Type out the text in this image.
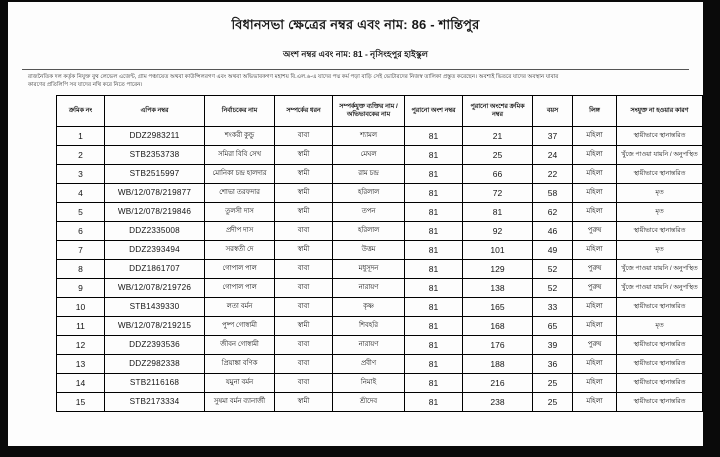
বিধানসভা ক্ষেত্রের নম্বর এবং নাম: 86 - শান্তিপুর
অংশ নম্বর এবং নাম: 81 - নৃসিংহপুর হাইস্কুল
রাজনৈতিক দল কর্তৃক নিযুক্ত বুথ লেভেল এজেন্ট, গ্রাম পঞ্চায়েত অথবা কাউন্সিলরগণ এবং অথবা অভিভাবকগণ মহাশয় বি.এল.৬-এ যাদের পদ্ম কর্ম পড়া বাড়ি সেই ভোটারদের নিজস্ব তালিকা প্রস্তুত করেছেন। অবশ্যই ভিতরে যাদের অবস্থান যাবার
কারণের প্রতিলিপি সব যাদের নথি করে নিতে পারেন।
ক্রমিক নং	এপিক নম্বর	নির্বাচকের নাম	সম্পর্কের ধরন	সম্পর্কযুক্ত ব্যক্তির নাম / অভিভাবকের নাম	পুরানো অংশ নম্বর	পুরানো অংশের ক্রমিক নম্বর	বয়স	লিঙ্গ	সংযুক্ত না হওয়ার কারণ
1	DDZ2983211	শংকরী কুন্ডু	বাবা	শ্যামল	81	21	37	মহিলা	স্থায়ীভাবে স্থানান্তরিত
2	STB2353738	সমিরা বিবি সেখ	স্বামী	মেঘল	81	25	24	মহিলা	খুঁজে পাওয়া যায়নি / অনুপস্থিত
3	STB2515997	মোনিকা চন্দ্র হালদার	স্বামী	রাম চন্দ্র	81	66	22	মহিলা	স্থায়ীভাবে স্থানান্তরিত
4	WB/12/078/219877	শোভা তরফদার	স্বামী	হরিলাল	81	72	58	মহিলা	মৃত
5	WB/12/078/219846	তুলসী দাস	স্বামী	তপন	81	81	62	মহিলা	মৃত
6	DDZ2335008	প্রদীপ দাস	বাবা	হরিলাল	81	92	46	পুরুষ	স্থায়ীভাবে স্থানান্তরিত
7	DDZ2393494	সরস্বতী দে	স্বামী	উত্তম	81	101	49	মহিলা	মৃত
8	DDZ1861707	গোপাল পাল	বাবা	মধুসূদন	81	129	52	পুরুষ	খুঁজে পাওয়া যায়নি / অনুপস্থিত
9	WB/12/078/219726	গোপাল পাল	বাবা	নারায়ণ	81	138	52	পুরুষ	খুঁজে পাওয়া যায়নি / অনুপস্থিত
10	STB1439330	লতা বর্মন	বাবা	কৃষ্ণ	81	165	33	মহিলা	স্থায়ীভাবে স্থানান্তরিত
11	WB/12/078/219215	পুষ্প গোস্বামী	স্বামী	শিবহরি	81	168	65	মহিলা	মৃত
12	DDZ2393536	জীবন গোস্বামী	বাবা	নারায়ণ	81	176	39	পুরুষ	স্থায়ীভাবে স্থানান্তরিত
13	DDZ2982338	প্রিয়াঙ্কা বণিক	বাবা	প্রবীণ	81	188	36	মহিলা	স্থায়ীভাবে স্থানান্তরিত
14	STB2116168	যমুনা বর্মন	বাবা	নিমাই	81	216	25	মহিলা	স্থায়ীভাবে স্থানান্তরিত
15	STB2173334	সুষমা বর্মন ব্যানার্জী	স্বামী	শ্রীদেব	81	238	25	মহিলা	স্থায়ীভাবে স্থানান্তরিত
